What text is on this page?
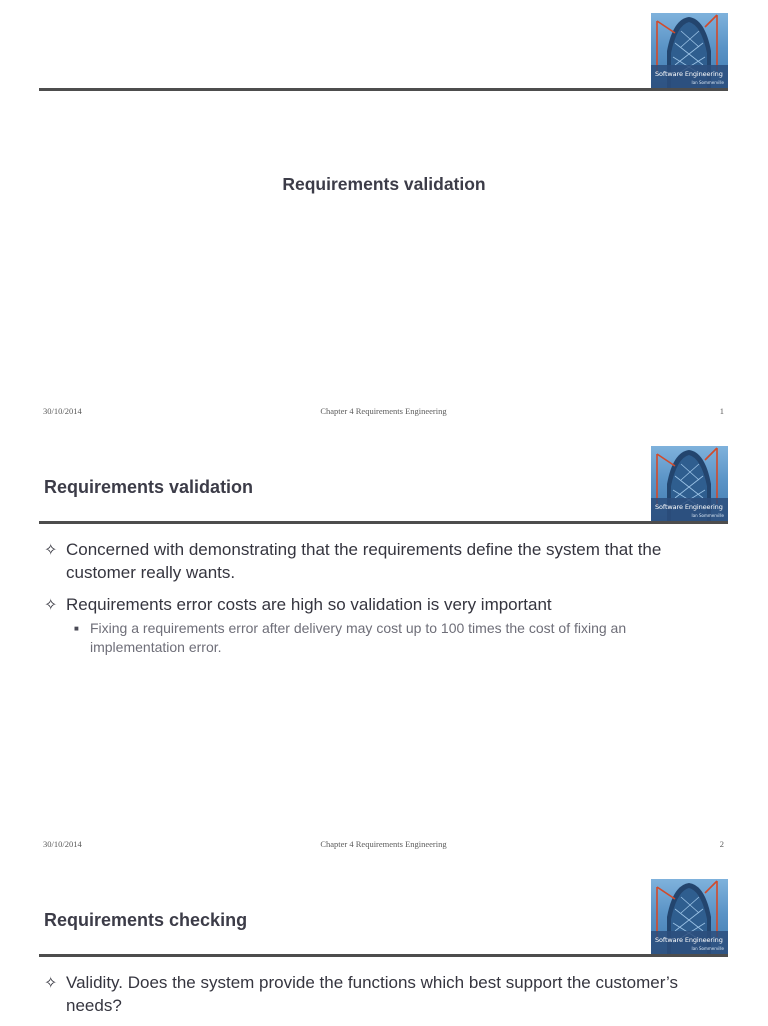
Software Engineering
Ian Sommerville
Requirements validation
30/10/2014	Chapter 4 Requirements Engineering	1
Software Engineering
Ian Sommerville
Requirements validation
✧ Concerned with demonstrating that the requirements define the system that the customer really wants.
✧ Requirements error costs are high so validation is very important
■ Fixing a requirements error after delivery may cost up to 100 times the cost of fixing an implementation error.
30/10/2014	Chapter 4 Requirements Engineering	2
Software Engineering
Ian Sommerville
Requirements checking
✧ Validity. Does the system provide the functions which best support the customer’s needs?
